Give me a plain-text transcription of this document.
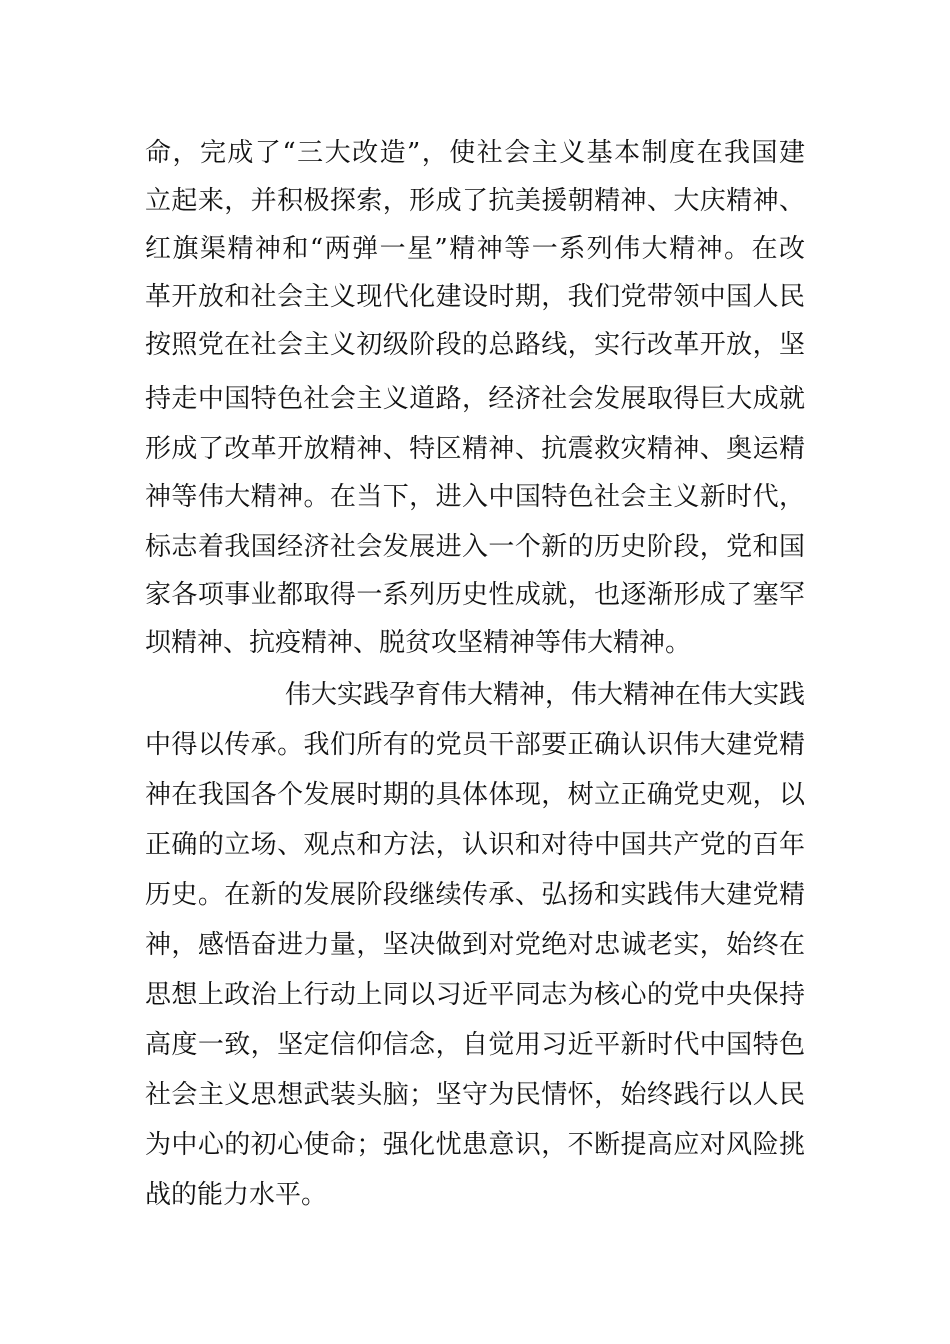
命，完成了“三大改造”，使社会主义基本制度在我国建
立起来，并积极探索，形成了抗美援朝精神、大庆精神、
红旗渠精神和“两弹一星”精神等一系列伟大精神。在改
革开放和社会主义现代化建设时期，我们党带领中国人民
按照党在社会主义初级阶段的总路线，实行改革开放，坚
持走中国特色社会主义道路，经济社会发展取得巨大成就
形成了改革开放精神、特区精神、抗震救灾精神、奥运精
神等伟大精神。在当下，进入中国特色社会主义新时代，
标志着我国经济社会发展进入一个新的历史阶段，党和国
家各项事业都取得一系列历史性成就，也逐渐形成了塞罕
坝精神、抗疫精神、脱贫攻坚精神等伟大精神。
伟大实践孕育伟大精神，伟大精神在伟大实践
中得以传承。我们所有的党员干部要正确认识伟大建党精
神在我国各个发展时期的具体体现，树立正确党史观，以
正确的立场、观点和方法，认识和对待中国共产党的百年
历史。在新的发展阶段继续传承、弘扬和实践伟大建党精
神，感悟奋进力量，坚决做到对党绝对忠诚老实，始终在
思想上政治上行动上同以习近平同志为核心的党中央保持
高度一致，坚定信仰信念，自觉用习近平新时代中国特色
社会主义思想武装头脑；坚守为民情怀，始终践行以人民
为中心的初心使命；强化忧患意识，不断提高应对风险挑
战的能力水平。
